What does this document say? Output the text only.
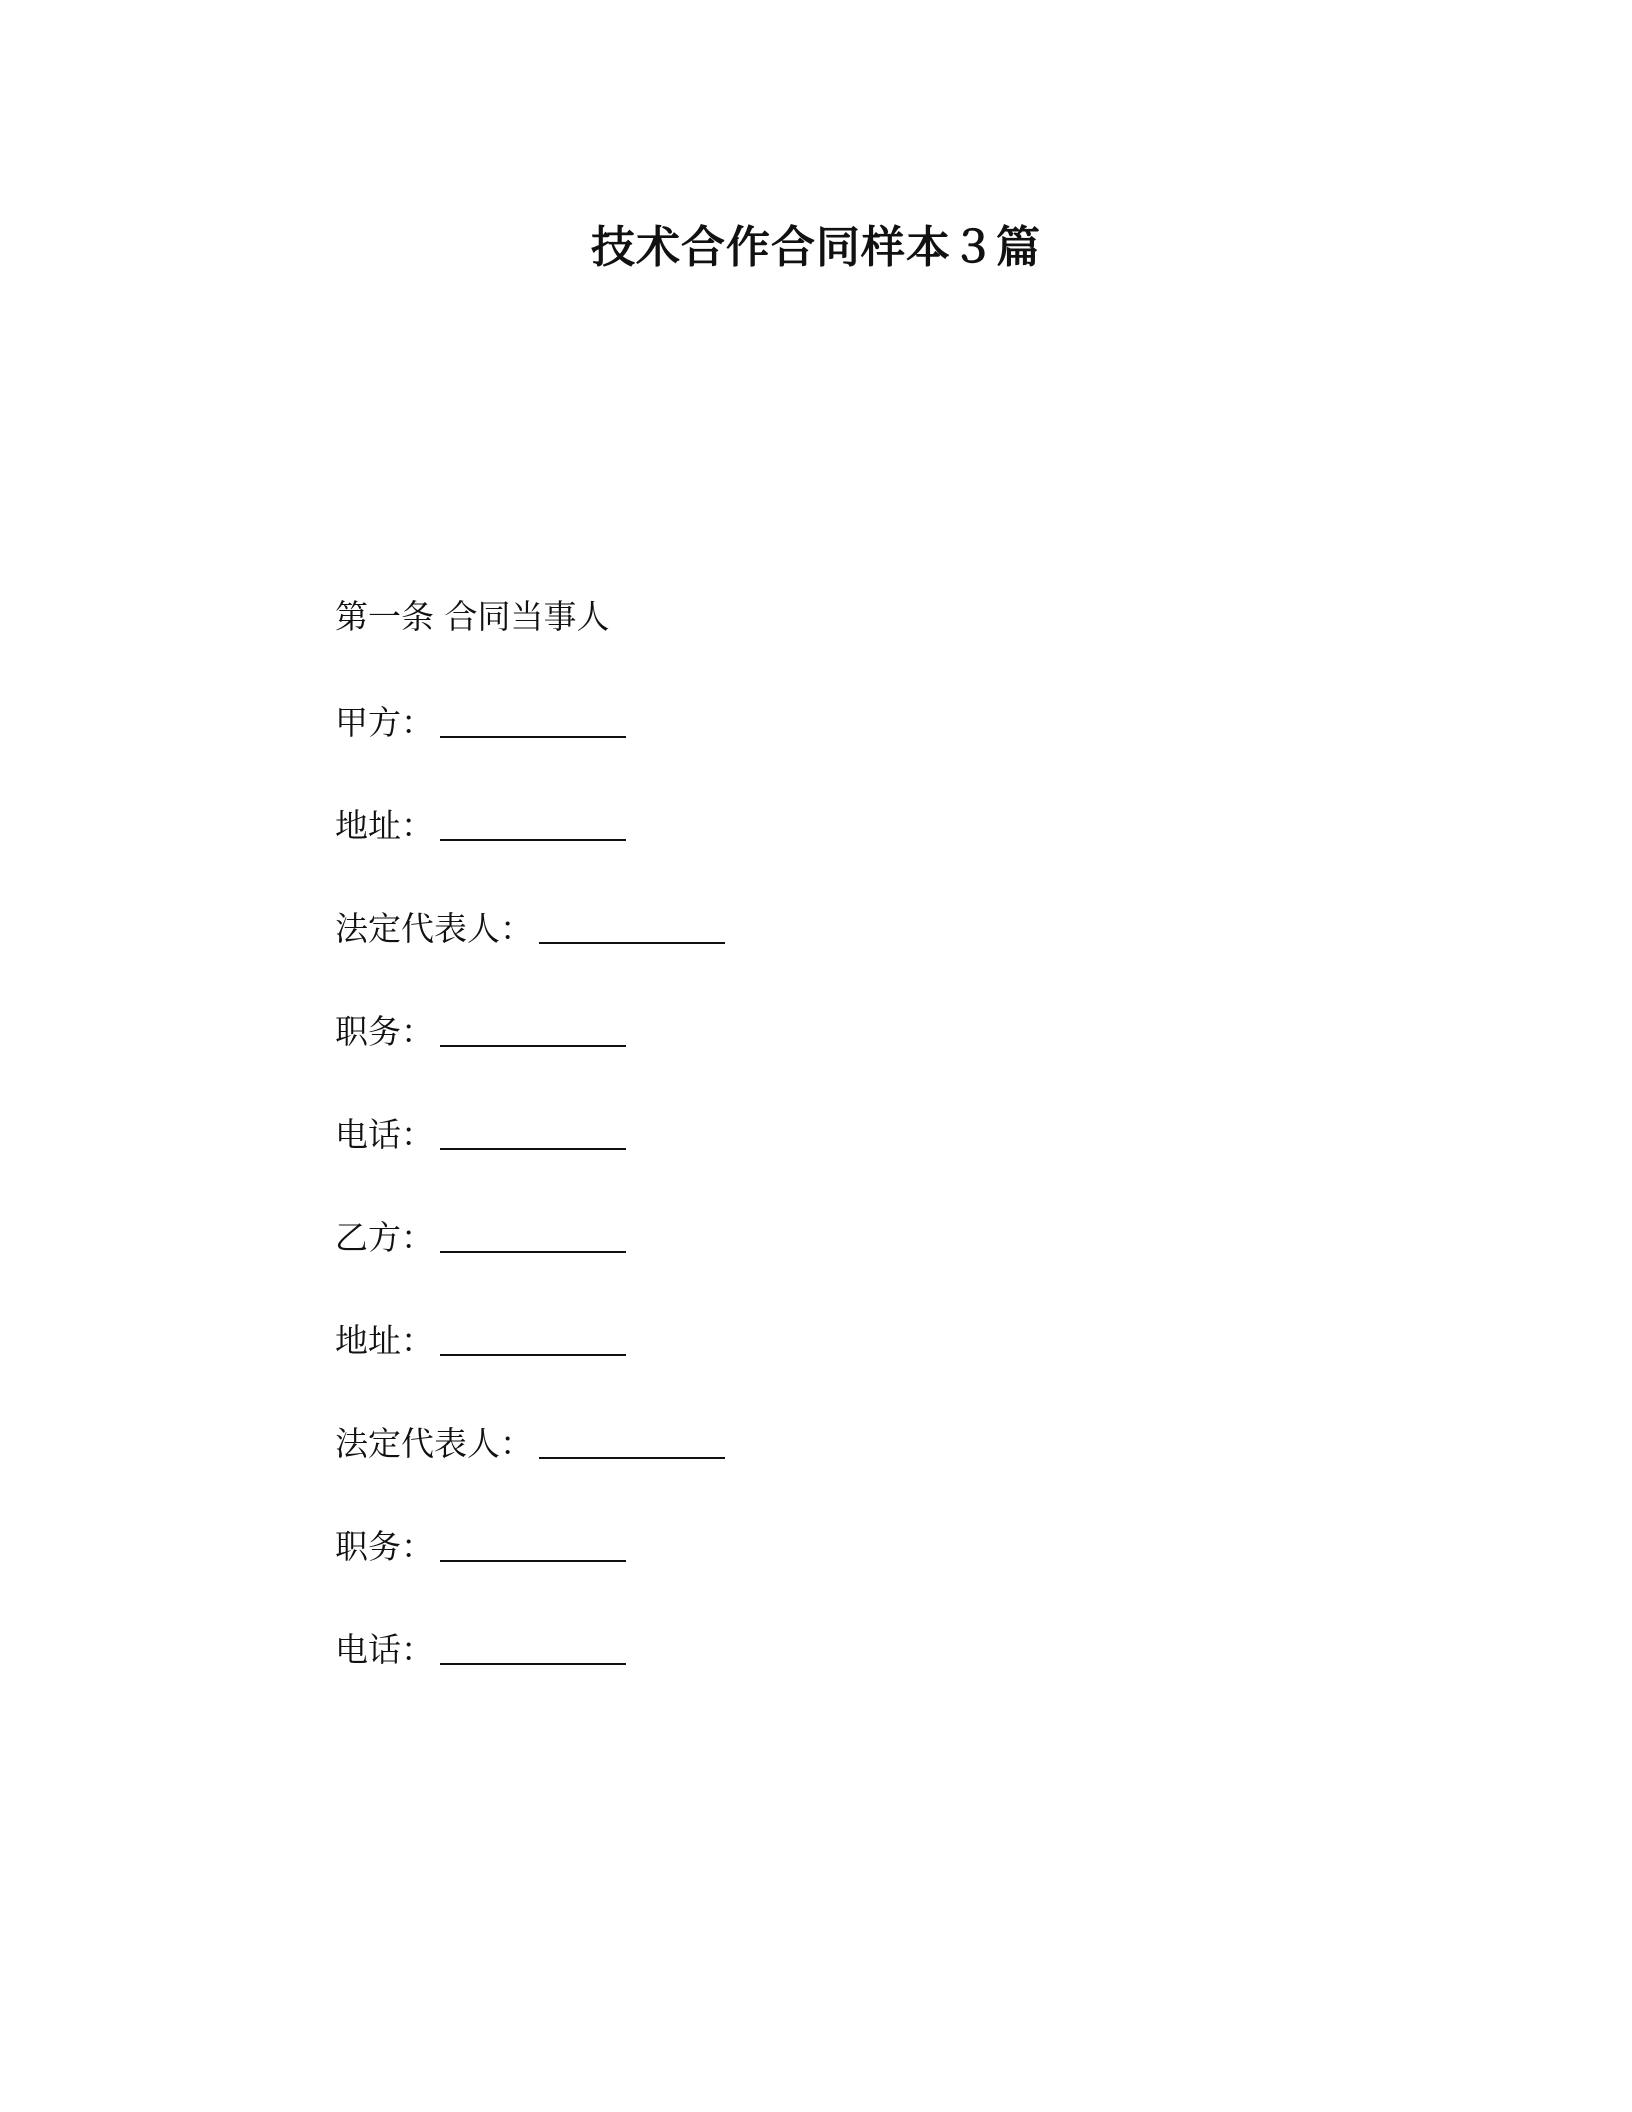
技术合作合同样本３篇
第一条 合同当事人
甲方：
地址：
法定代表人：
职务：
电话：
乙方：
地址：
法定代表人：
职务：
电话：
